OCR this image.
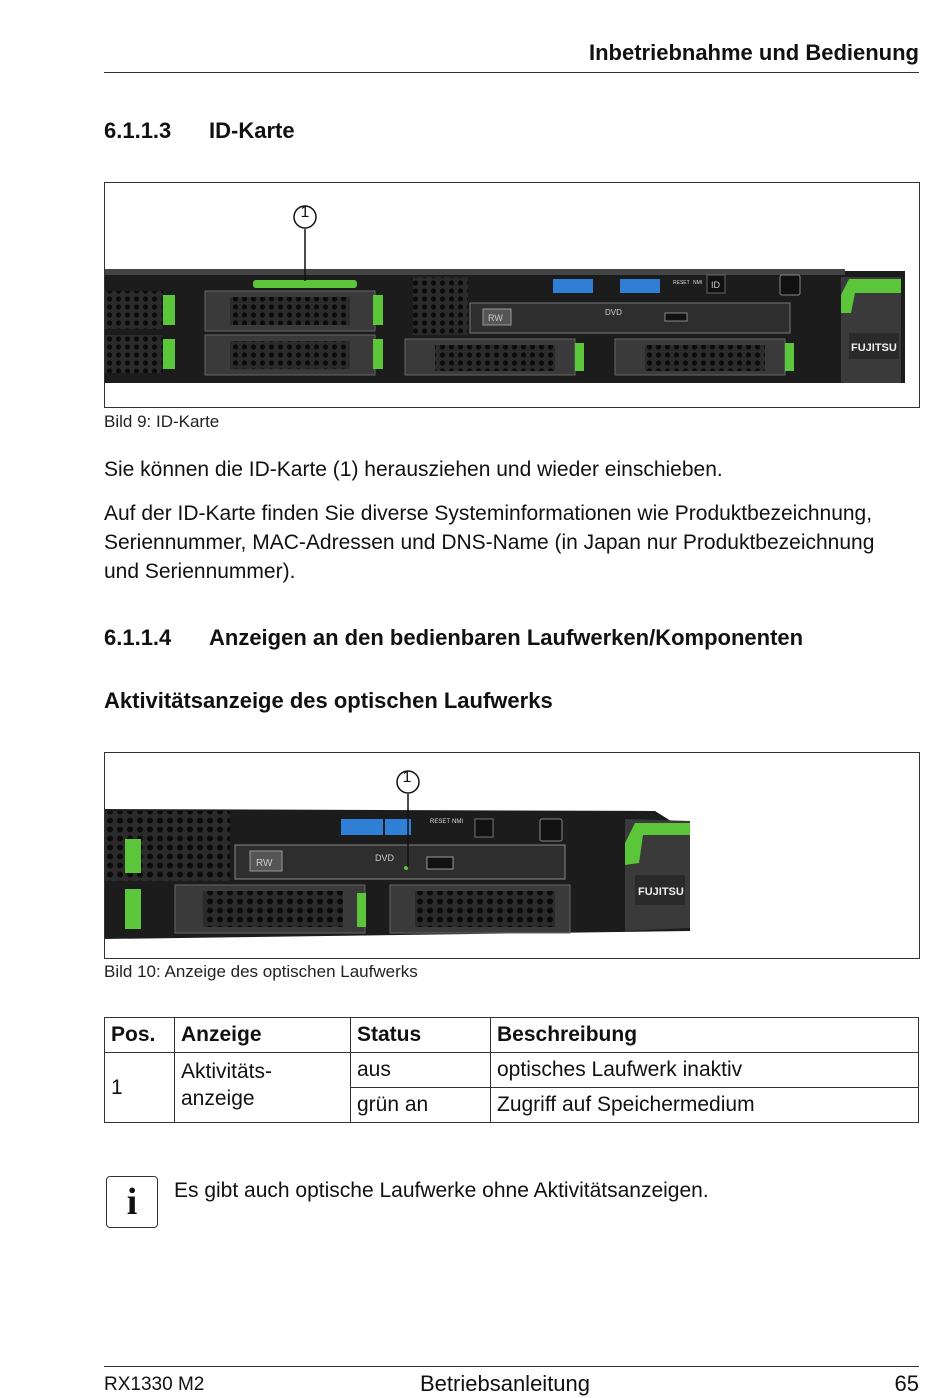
Inbetriebnahme und Bedienung
6.1.1.3 ID-Karte
RESET NMI ID
RW
DVD
FUJITSU
1
Bild 9: ID-Karte
Sie können die ID-Karte (1) herausziehen und wieder einschieben.
Auf der ID-Karte finden Sie diverse Systeminformationen wie Produktbezeichnung, Seriennummer, MAC-Adressen und DNS-Name (in Japan nur Produktbezeichnung und Seriennummer).
6.1.1.4 Anzeigen an den bedienbaren Laufwerken/Komponenten
Aktivitätsanzeige des optischen Laufwerks
RESET NMI
RW	DVD
FUJITSU
1
Bild 10: Anzeige des optischen Laufwerks
Pos.	Anzeige	Status	Beschreibung
1	Aktivitäts-
anzeige	aus	optisches Laufwerk inaktiv
		grün an	Zugriff auf Speichermedium
i Es gibt auch optische Laufwerke ohne Aktivitätsanzeigen.
RX1330 M2	Betriebsanleitung	65
